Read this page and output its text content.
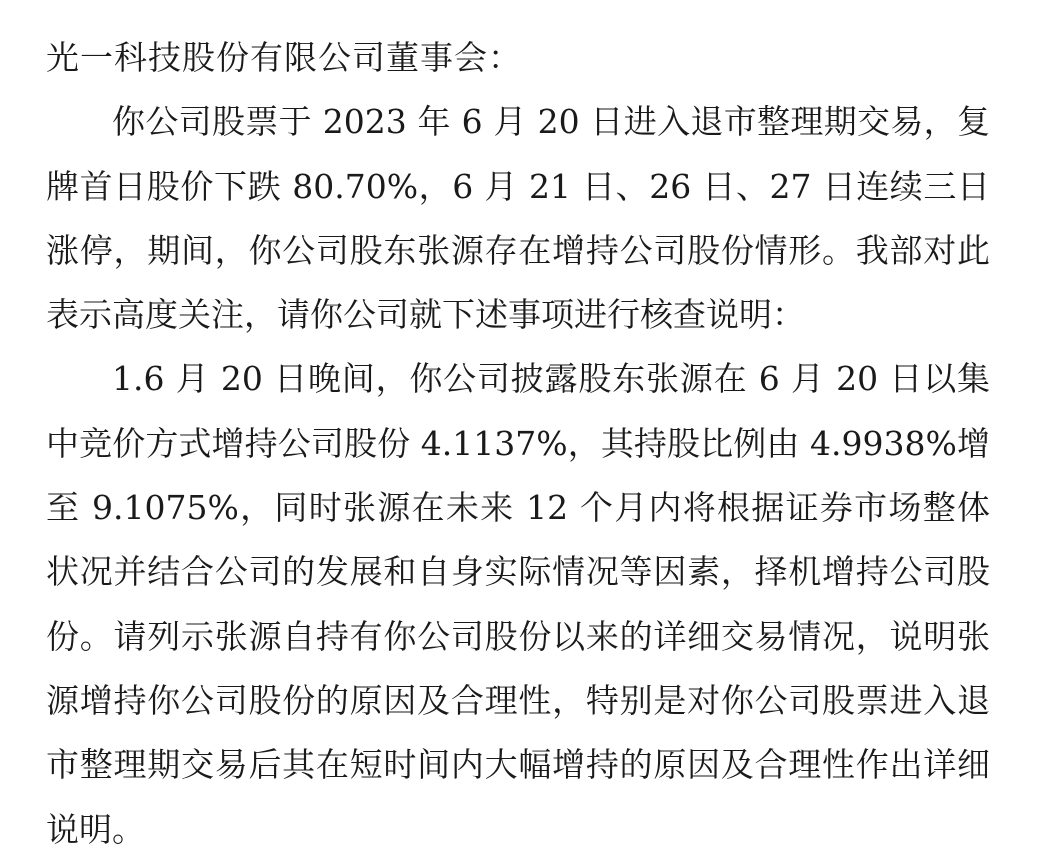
光一科技股份有限公司董事会：

你公司股票于 2023 年 6 月 20 日进入退市整理期交易，复牌首日股价下跌 80.70%，6 月 21 日、26 日、27 日连续三日涨停，期间，你公司股东张源存在增持公司股份情形。我部对此表示高度关注，请你公司就下述事项进行核查说明：

1.6 月 20 日晚间，你公司披露股东张源在 6 月 20 日以集中竞价方式增持公司股份 4.1137%，其持股比例由 4.9938%增至 9.1075%，同时张源在未来 12 个月内将根据证券市场整体状况并结合公司的发展和自身实际情况等因素，择机增持公司股份。请列示张源自持有你公司股份以来的详细交易情况，说明张源增持你公司股份的原因及合理性，特别是对你公司股票进入退市整理期交易后其在短时间内大幅增持的原因及合理性作出详细说明。
